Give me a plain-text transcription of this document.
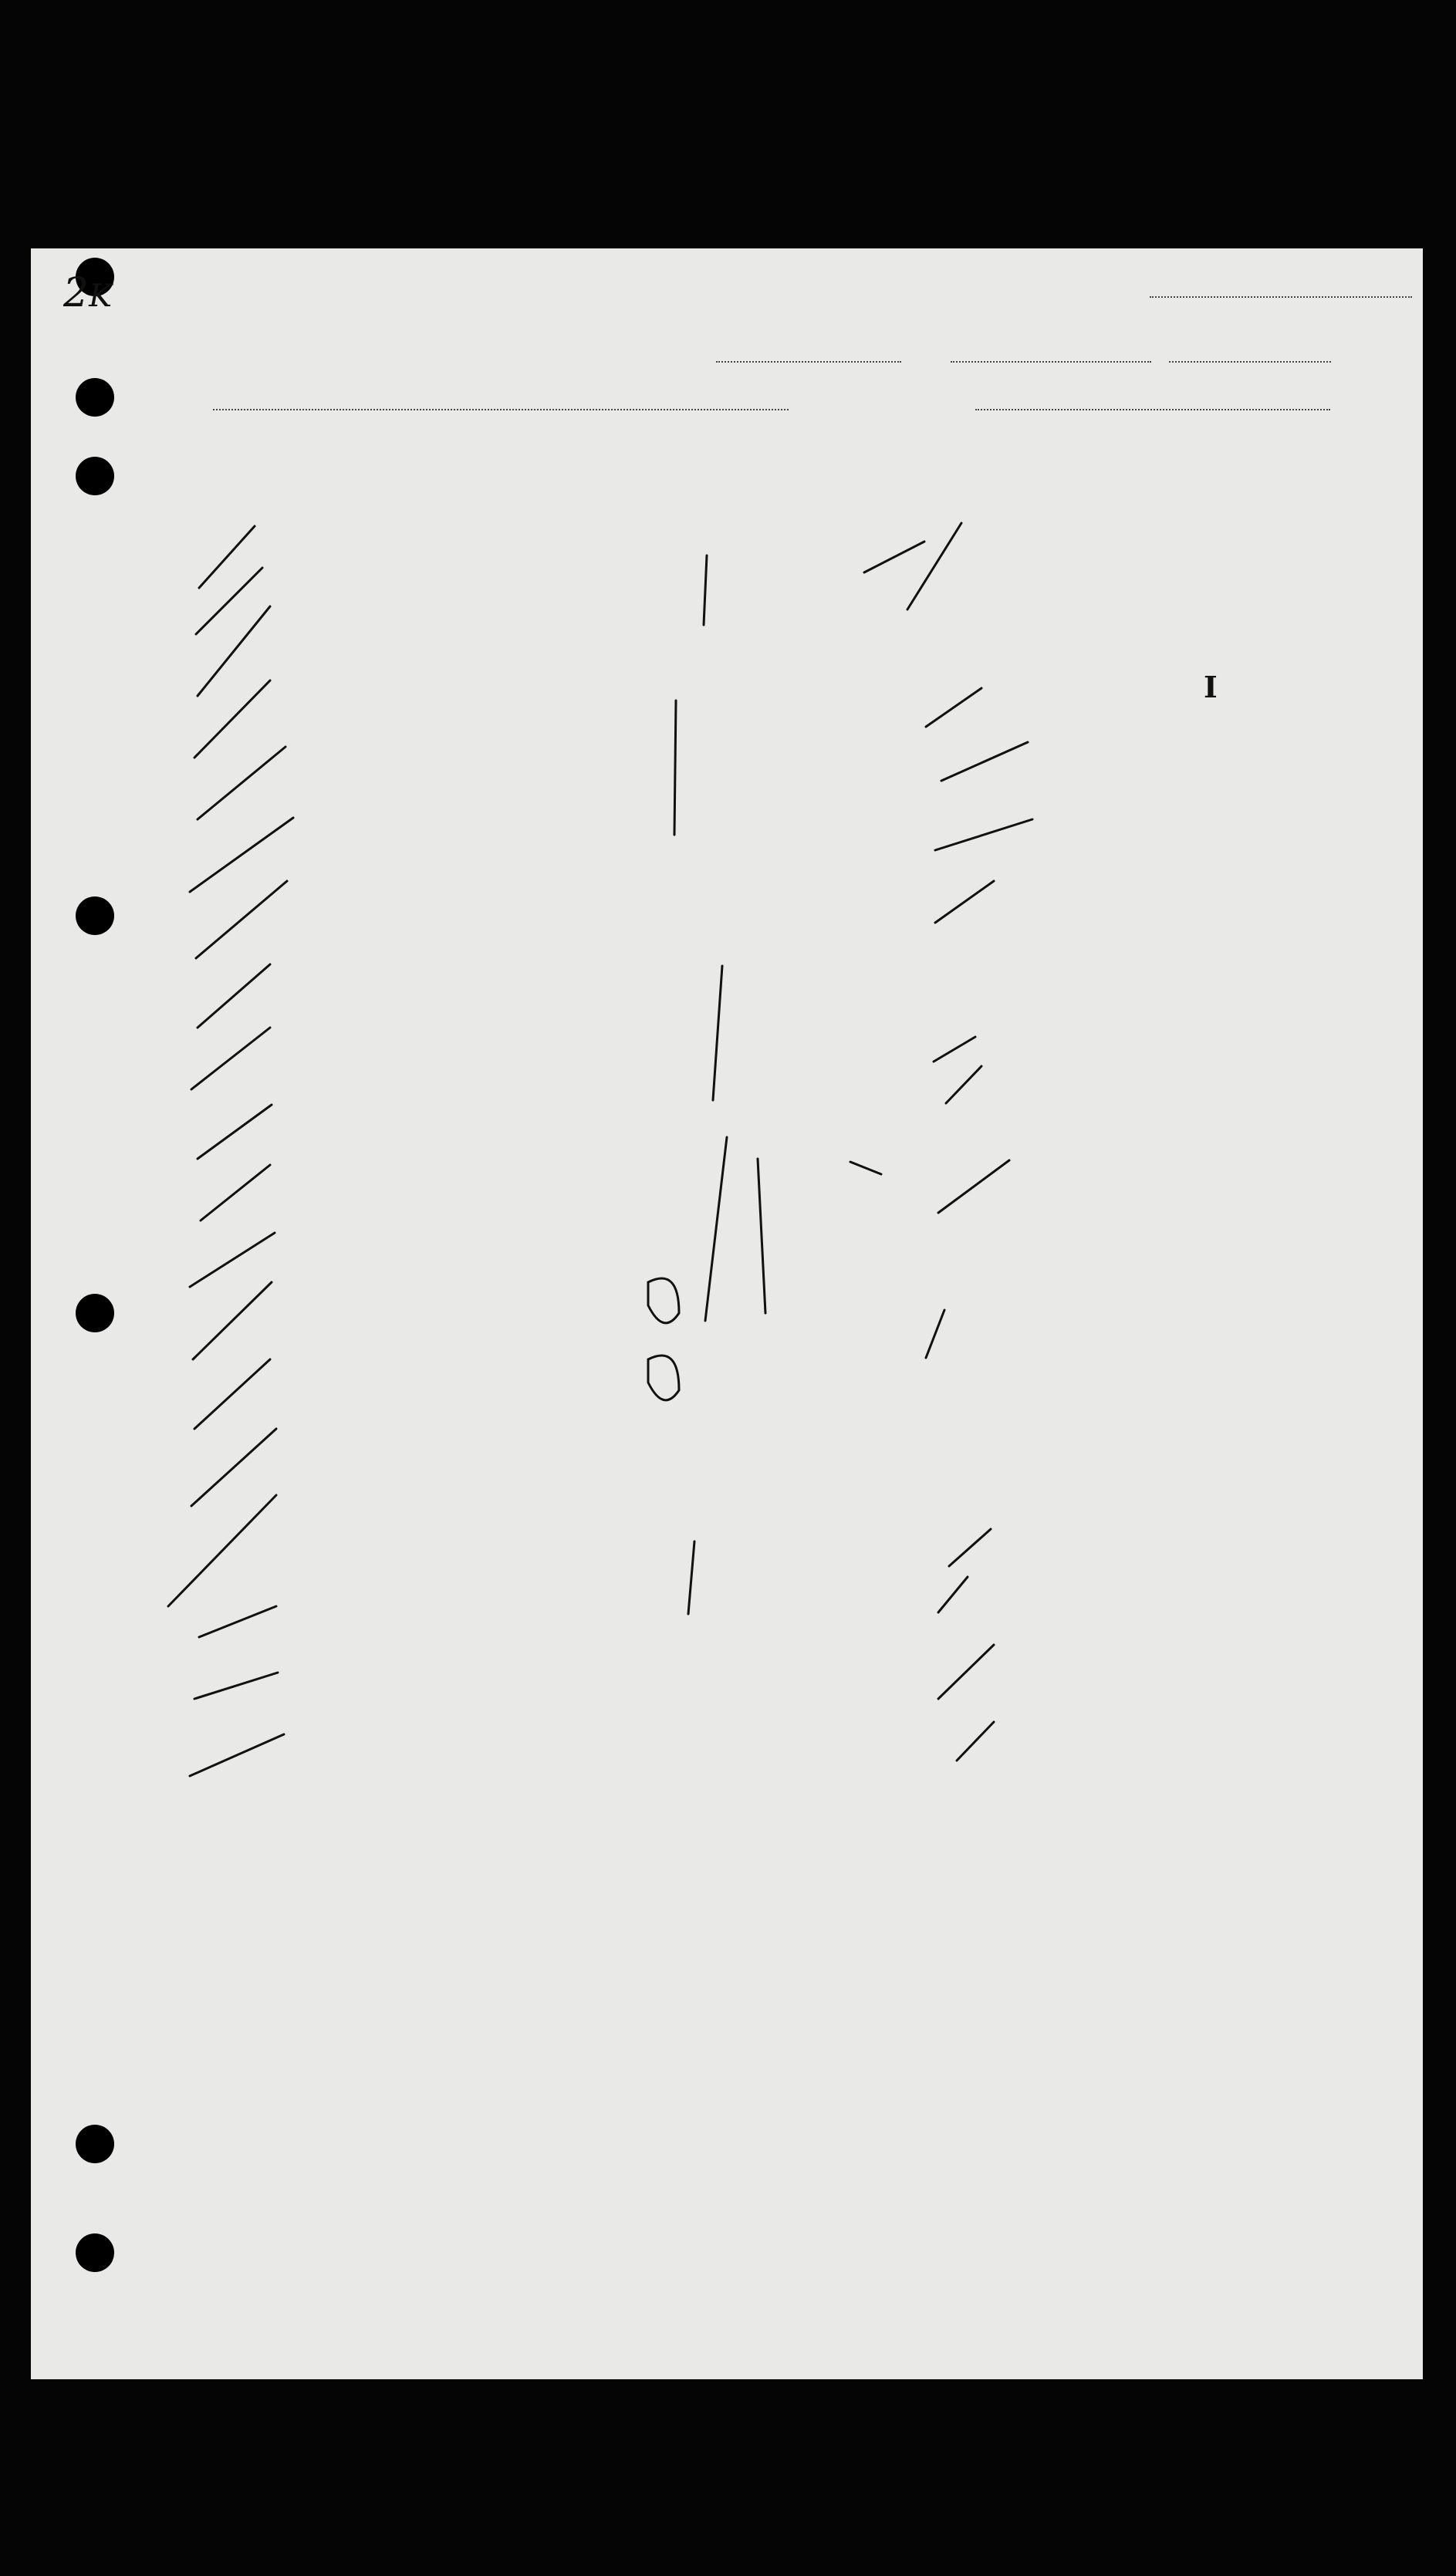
2K
I
